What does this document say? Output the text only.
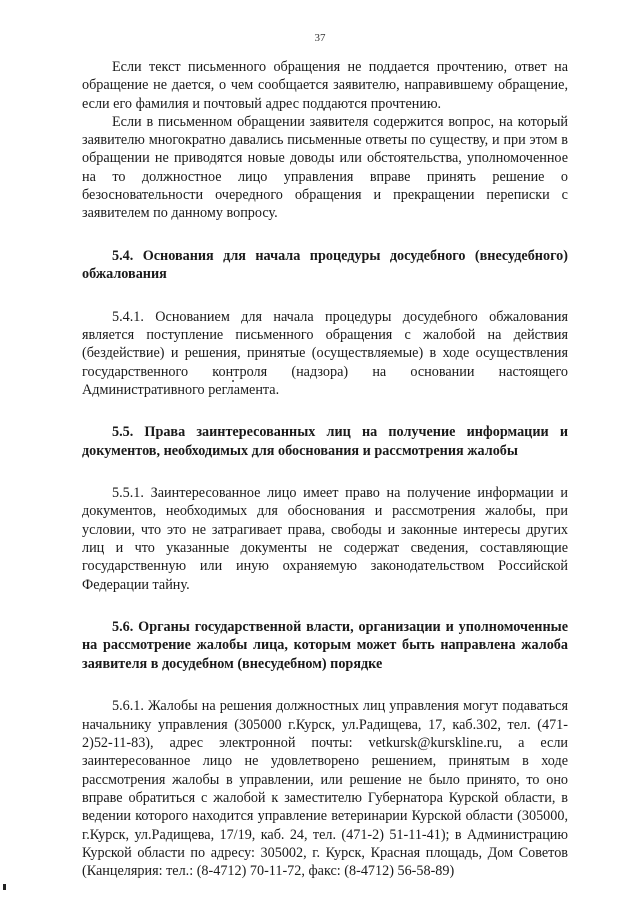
37

Если текст письменного обращения не поддается прочтению, ответ на обращение не дается, о чем сообщается заявителю, направившему обращение, если его фамилия и почтовый адрес поддаются прочтению.

Если в письменном обращении заявителя содержится вопрос, на который заявителю многократно давались письменные ответы по существу, и при этом в обращении не приводятся новые доводы или обстоятельства, уполномоченное на то должностное лицо управления вправе принять решение о безосновательности очередного обращения и прекращении переписки с заявителем по данному вопросу.

5.4. Основания для начала процедуры досудебного (внесудебного) обжалования

5.4.1. Основанием для начала процедуры досудебного обжалования является поступление письменного обращения с жалобой на действия (бездействие) и решения, принятые (осуществляемые) в ходе осуществления государственного контроля (надзора) на основании настоящего Административного регламента.

5.5. Права заинтересованных лиц на получение информации и документов, необходимых для обоснования и рассмотрения жалобы

5.5.1. Заинтересованное лицо имеет право на получение информации и документов, необходимых для обоснования и рассмотрения жалобы, при условии, что это не затрагивает права, свободы и законные интересы других лиц и что указанные документы не содержат сведения, составляющие государственную или иную охраняемую законодательством Российской Федерации тайну.

5.6. Органы государственной власти, организации и уполномоченные на рассмотрение жалобы лица, которым может быть направлена жалоба заявителя в досудебном (внесудебном) порядке

5.6.1. Жалобы на решения должностных лиц управления могут подаваться начальнику управления (305000 г.Курск, ул.Радищева, 17, каб.302, тел. (471-2)52-11-83), адрес электронной почты: vetkursk@kurskline.ru, а если заинтересованное лицо не удовлетворено решением, принятым в ходе рассмотрения жалобы в управлении, или решение не было принято, то оно вправе обратиться с жалобой к заместителю Губернатора Курской области, в ведении которого находится управление ветеринарии Курской области (305000, г.Курск, ул.Радищева, 17/19, каб. 24, тел. (471-2) 51-11-41); в Администрацию Курской области по адресу: 305002, г. Курск, Красная площадь, Дом Советов (Канцелярия: тел.: (8-4712) 70-11-72, факс: (8-4712) 56-58-89)
